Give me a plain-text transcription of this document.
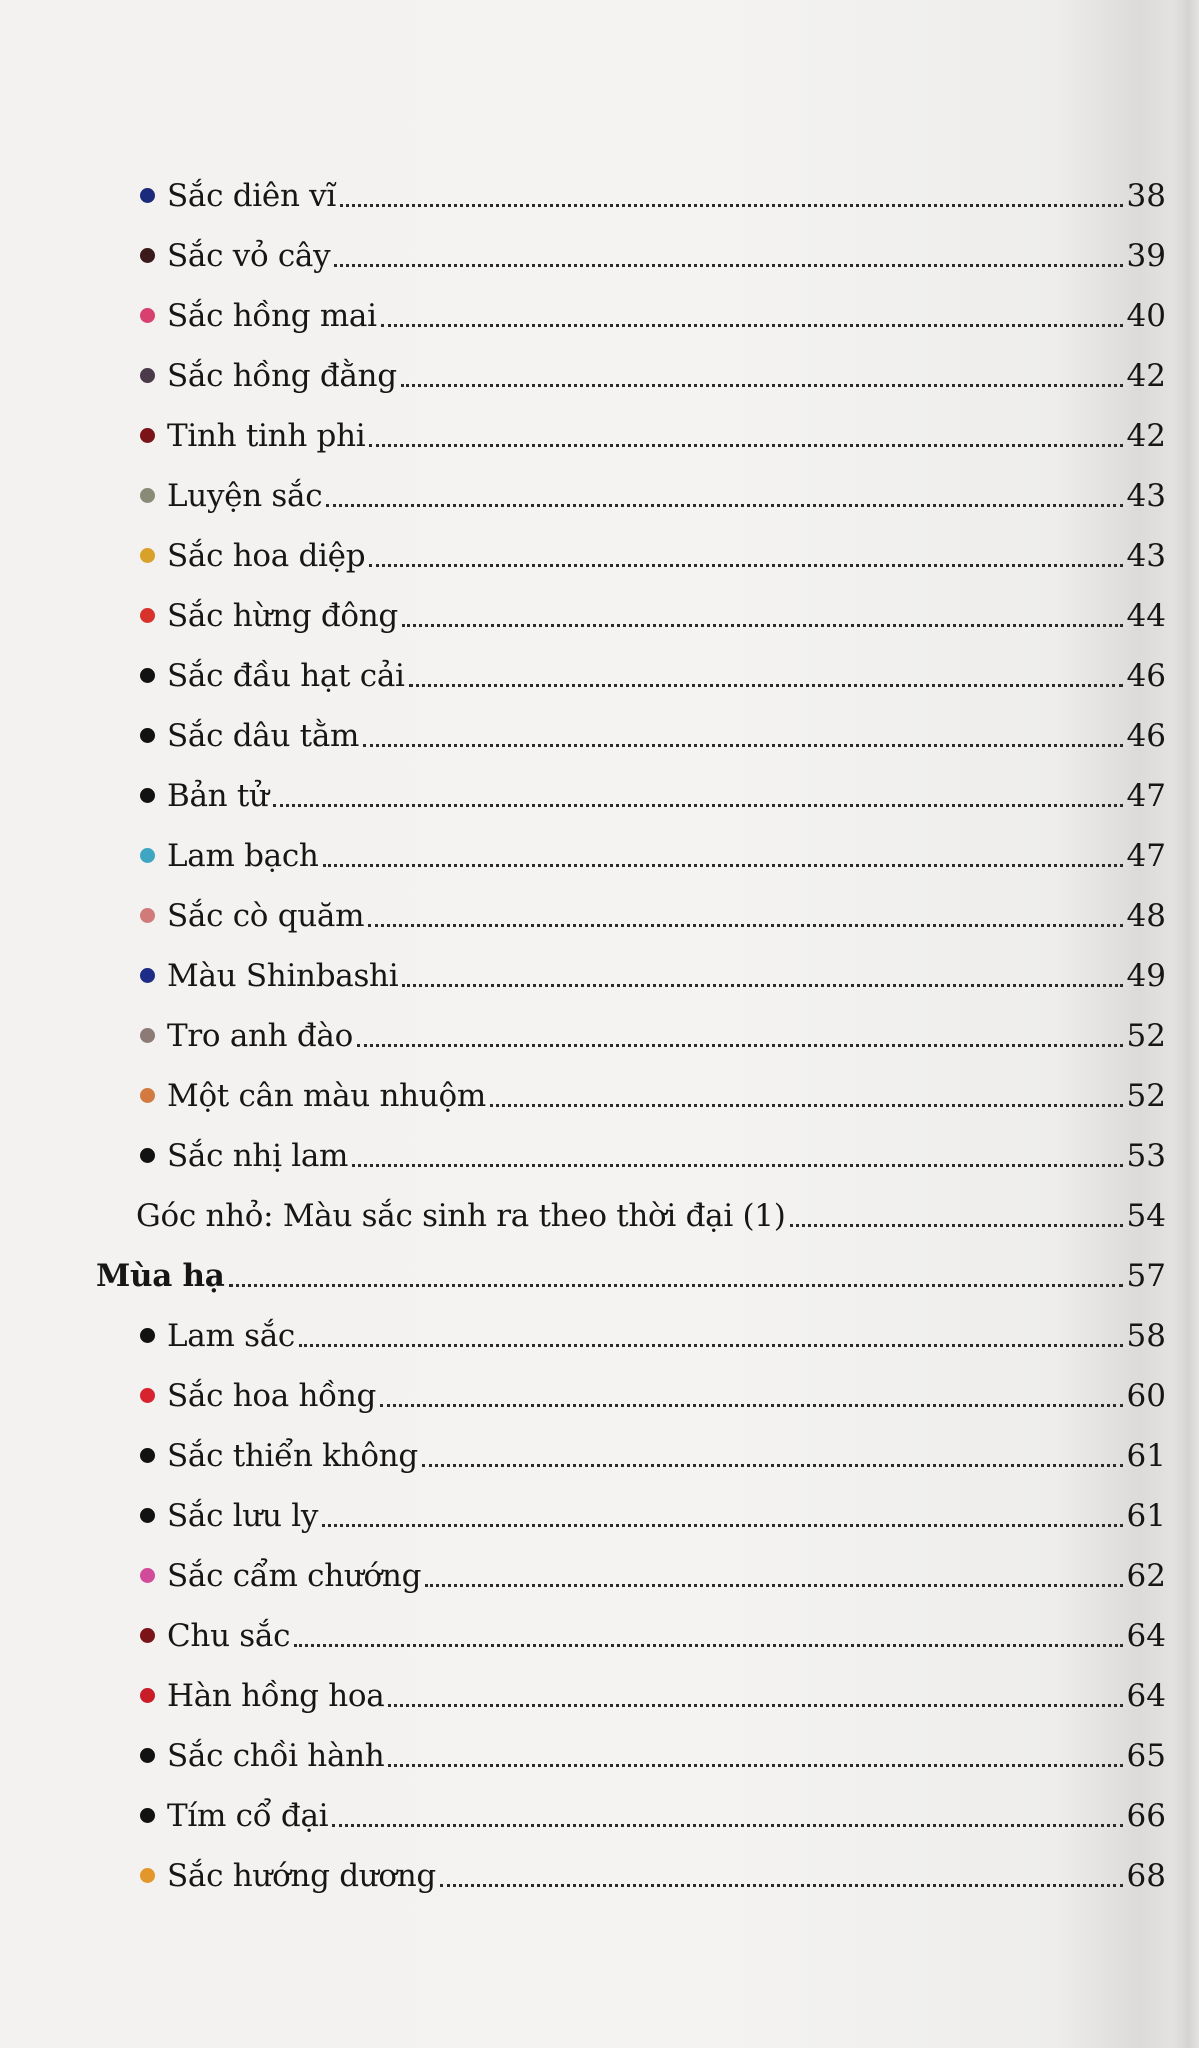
Sắc diên vĩ	38
Sắc vỏ cây	39
Sắc hồng mai	40
Sắc hồng đằng	42
Tinh tinh phi	42
Luyện sắc	43
Sắc hoa diệp	43
Sắc hừng đông	44
Sắc đầu hạt cải	46
Sắc dâu tằm	46
Bản tử	47
Lam bạch	47
Sắc cò quăm	48
Màu Shinbashi	49
Tro anh đào	52
Một cân màu nhuộm	52
Sắc nhị lam	53
Góc nhỏ: Màu sắc sinh ra theo thời đại (1)	54
Mùa hạ	57
Lam sắc	58
Sắc hoa hồng	60
Sắc thiển không	61
Sắc lưu ly	61
Sắc cẩm chướng	62
Chu sắc	64
Hàn hồng hoa	64
Sắc chồi hành	65
Tím cổ đại	66
Sắc hướng dương	68
